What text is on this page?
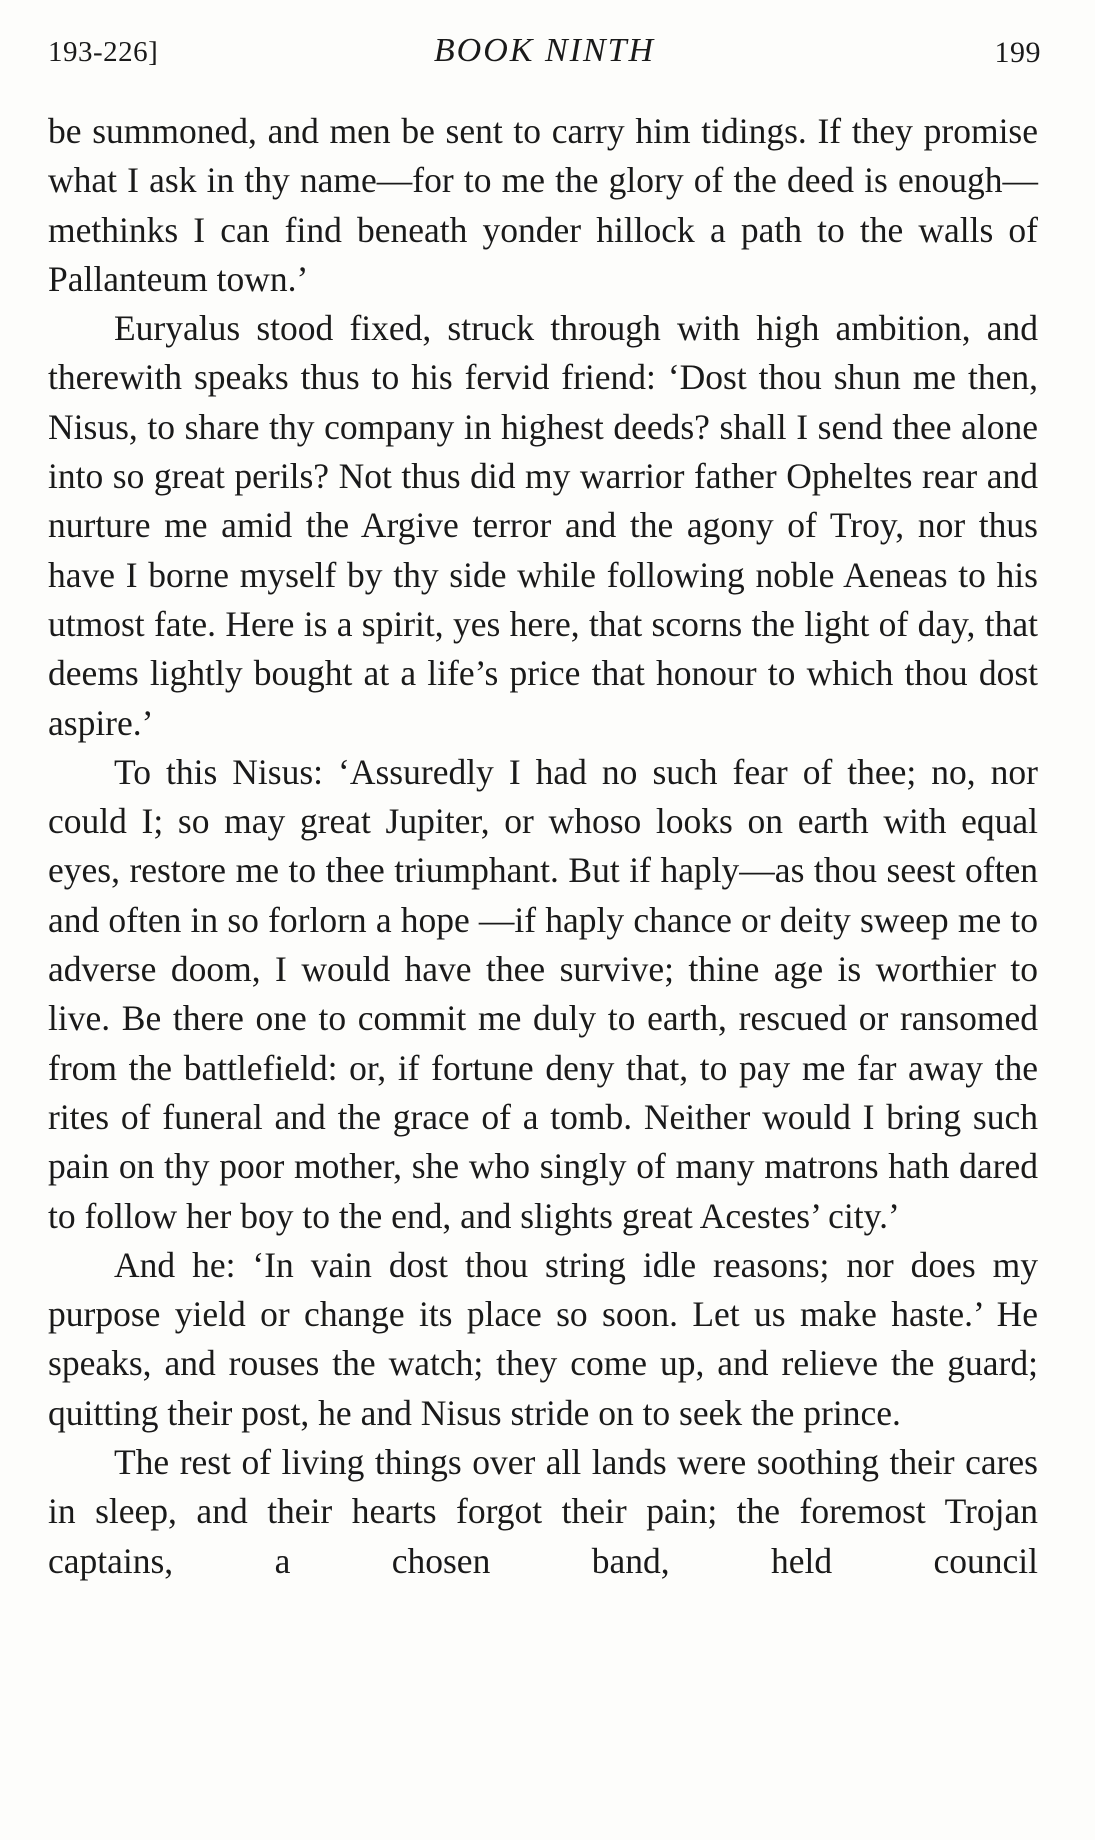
193-226]	BOOK NINTH	199

be summoned, and men be sent to carry him tidings. If they promise what I ask in thy name—for to me the glory of the deed is enough—methinks I can find beneath yonder hillock a path to the walls of Pallanteum town.’

Euryalus stood fixed, struck through with high ambition, and therewith speaks thus to his fervid friend: ‘Dost thou shun me then, Nisus, to share thy company in highest deeds? shall I send thee alone into so great perils? Not thus did my warrior father Opheltes rear and nurture me amid the Argive terror and the agony of Troy, nor thus have I borne myself by thy side while following noble Aeneas to his utmost fate. Here is a spirit, yes here, that scorns the light of day, that deems lightly bought at a life’s price that honour to which thou dost aspire.’

To this Nisus: ‘Assuredly I had no such fear of thee; no, nor could I; so may great Jupiter, or whoso looks on earth with equal eyes, restore me to thee triumphant. But if haply—as thou seest often and often in so forlorn a hope —if haply chance or deity sweep me to adverse doom, I would have thee survive; thine age is worthier to live. Be there one to commit me duly to earth, rescued or ransomed from the battlefield: or, if fortune deny that, to pay me far away the rites of funeral and the grace of a tomb. Neither would I bring such pain on thy poor mother, she who singly of many matrons hath dared to follow her boy to the end, and slights great Acestes’ city.’

And he: ‘In vain dost thou string idle reasons; nor does my purpose yield or change its place so soon. Let us make haste.’ He speaks, and rouses the watch; they come up, and relieve the guard; quitting their post, he and Nisus stride on to seek the prince.

The rest of living things over all lands were soothing their cares in sleep, and their hearts forgot their pain; the foremost Trojan captains, a chosen band, held council
